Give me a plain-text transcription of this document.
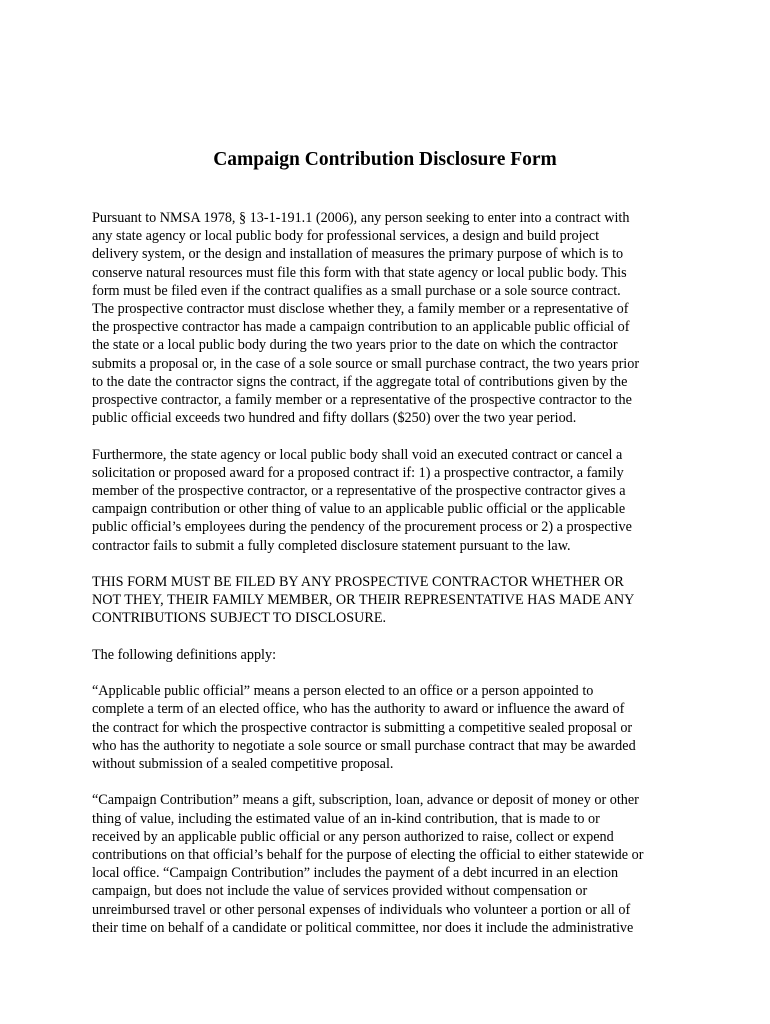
Campaign Contribution Disclosure Form

Pursuant to NMSA 1978, § 13-1-191.1 (2006), any person seeking to enter into a contract with
any state agency or local public body for professional services, a design and build project
delivery system, or the design and installation of measures the primary purpose of which is to
conserve natural resources must file this form with that state agency or local public body. This
form must be filed even if the contract qualifies as a small purchase or a sole source contract.
The prospective contractor must disclose whether they, a family member or a representative of
the prospective contractor has made a campaign contribution to an applicable public official of
the state or a local public body during the two years prior to the date on which the contractor
submits a proposal or, in the case of a sole source or small purchase contract, the two years prior
to the date the contractor signs the contract, if the aggregate total of contributions given by the
prospective contractor, a family member or a representative of the prospective contractor to the
public official exceeds two hundred and fifty dollars ($250) over the two year period.

Furthermore, the state agency or local public body shall void an executed contract or cancel a
solicitation or proposed award for a proposed contract if: 1) a prospective contractor, a family
member of the prospective contractor, or a representative of the prospective contractor gives a
campaign contribution or other thing of value to an applicable public official or the applicable
public official’s employees during the pendency of the procurement process or 2) a prospective
contractor fails to submit a fully completed disclosure statement pursuant to the law.

THIS FORM MUST BE FILED BY ANY PROSPECTIVE CONTRACTOR WHETHER OR
NOT THEY, THEIR FAMILY MEMBER, OR THEIR REPRESENTATIVE HAS MADE ANY
CONTRIBUTIONS SUBJECT TO DISCLOSURE.

The following definitions apply:

“Applicable public official” means a person elected to an office or a person appointed to
complete a term of an elected office, who has the authority to award or influence the award of
the contract for which the prospective contractor is submitting a competitive sealed proposal or
who has the authority to negotiate a sole source or small purchase contract that may be awarded
without submission of a sealed competitive proposal.

“Campaign Contribution” means a gift, subscription, loan, advance or deposit of money or other
thing of value, including the estimated value of an in-kind contribution, that is made to or
received by an applicable public official or any person authorized to raise, collect or expend
contributions on that official’s behalf for the purpose of electing the official to either statewide or
local office. “Campaign Contribution” includes the payment of a debt incurred in an election
campaign, but does not include the value of services provided without compensation or
unreimbursed travel or other personal expenses of individuals who volunteer a portion or all of
their time on behalf of a candidate or political committee, nor does it include the administrative
